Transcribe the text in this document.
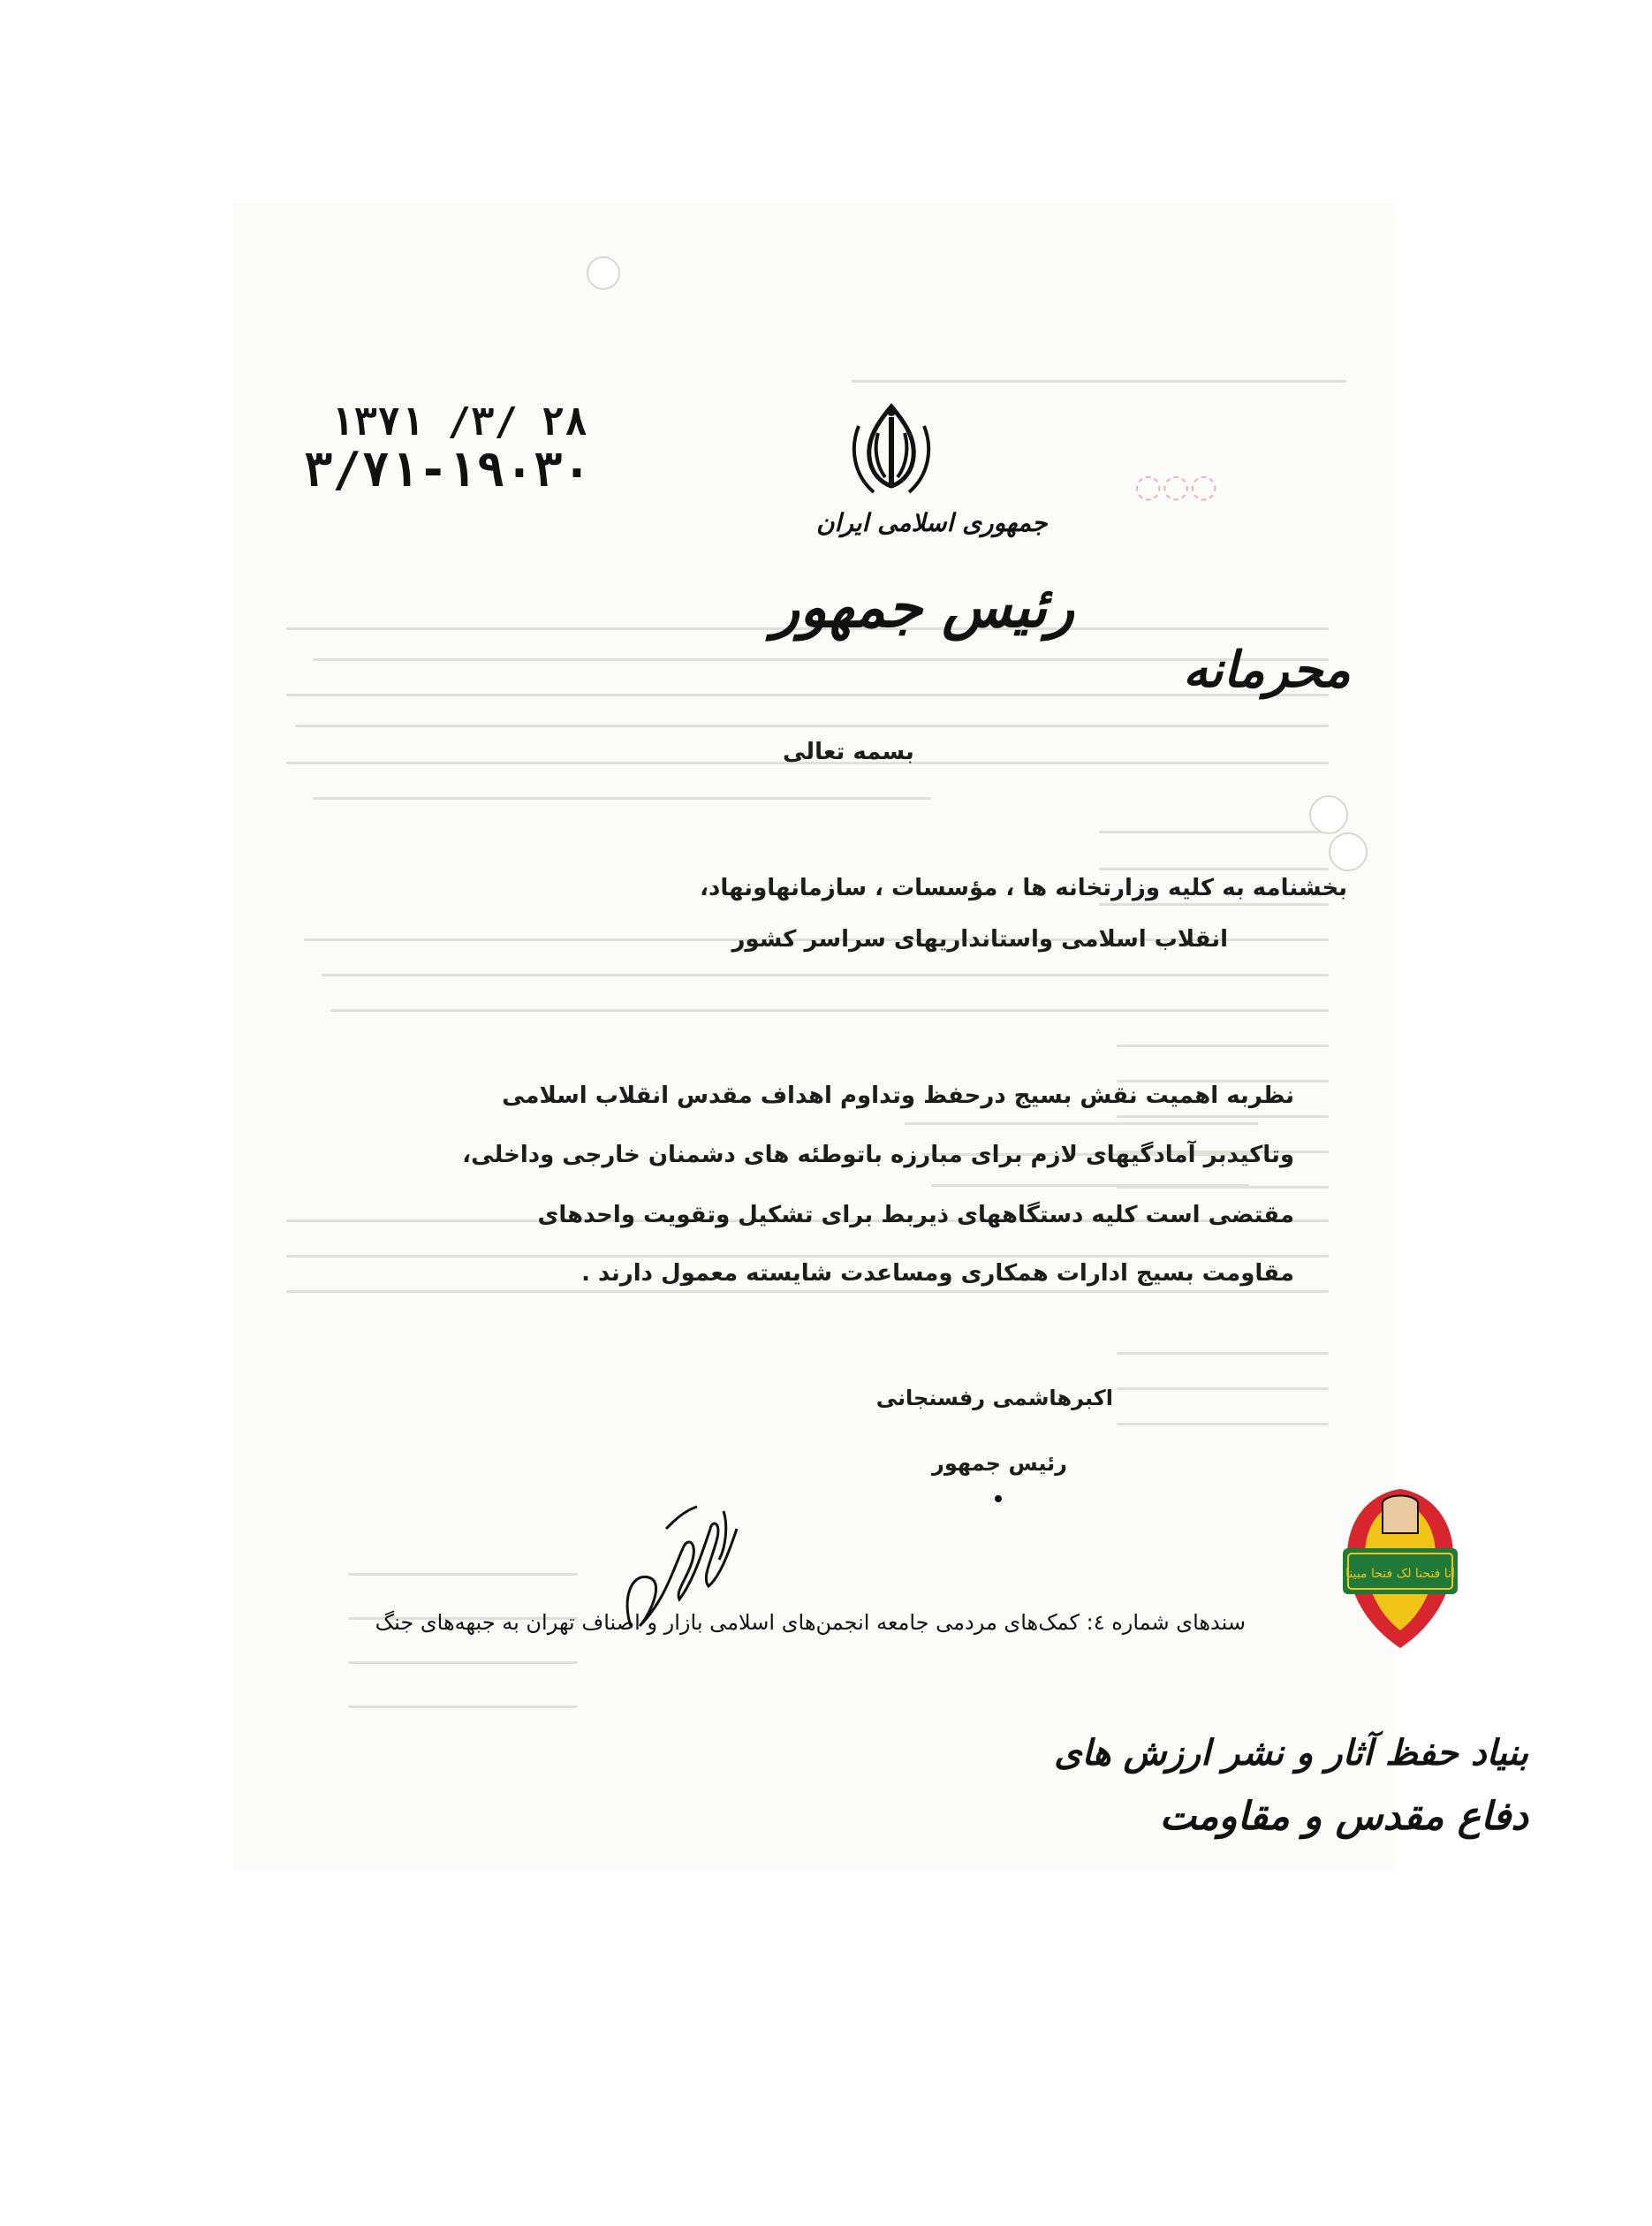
◌◌◌
۱۳۷۱ /۳/ ۲۸
۳/۷۱-۱۹۰۳۰
جمهوری اسلامی ایران
رئیس جمهور
محرمانه
بسمه تعالی
بخشنامه به کلیه وزارتخانه ها ، مؤسسات ، سازمانهاونهاد،
انقلاب اسلامی واستانداریهای سراسر کشور
نظربه اهمیت نقش بسیج درحفظ وتداوم اهداف مقدس انقلاب اسلامی
وتاکیدبر آمادگیهای لازم برای مبارزه باتوطئه های دشمنان خارجی وداخلی،
مقتضی است کلیه دستگاههای ذیربط برای تشکیل وتقویت واحدهای
مقاومت بسیج ادارات همکاری ومساعدت شایسته معمول دارند .
اکبرهاشمی رفسنجانی
رئیس جمهور
سندهای شماره ٤: کمک‌های مردمی جامعه انجمن‌های اسلامی بازار و اصناف تهران به جبهه‌های جنگ
انا فتحنا لک فتحا مبینا
بنیاد حفظ آثار و نشر ارزش های
دفاع مقدس و مقاومت
